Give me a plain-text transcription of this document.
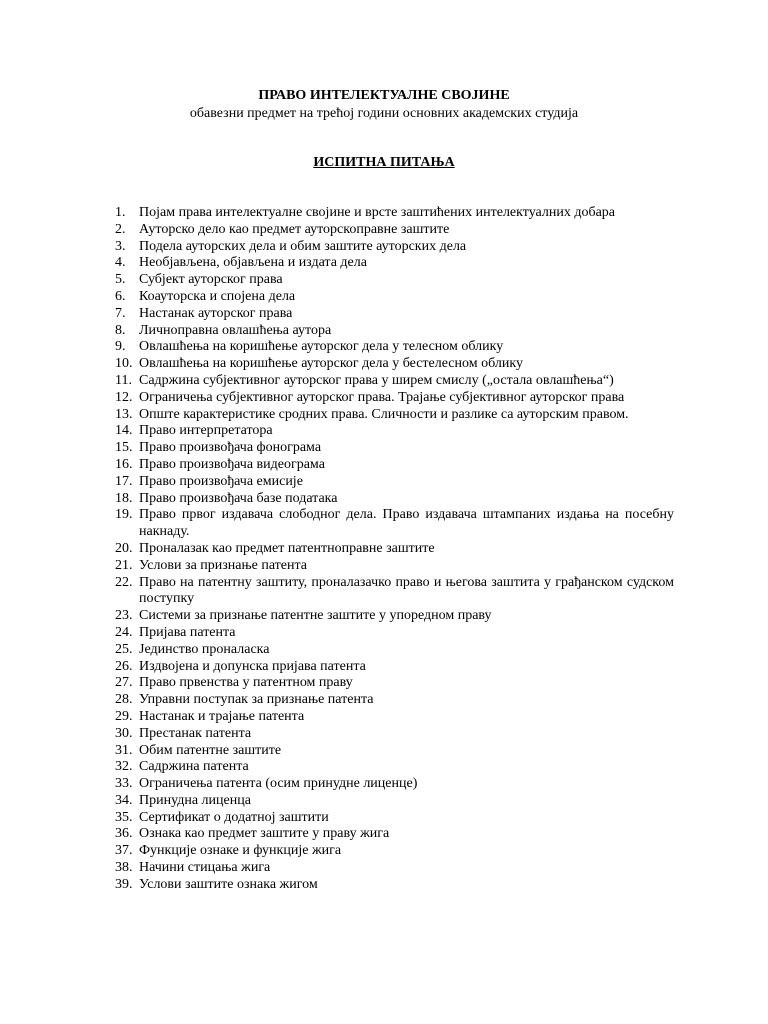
ПРАВО ИНТЕЛЕКТУАЛНЕ СВОЈИНЕ
обавезни предмет на трећој години основних академских студија
ИСПИТНА ПИТАЊА
1. Појам права интелектуалне својине и врсте заштићених интелектуалних добара
2. Ауторско дело као предмет ауторскоправне заштите
3. Подела ауторских дела и обим заштите ауторских дела
4. Необјављена, објављена и издата дела
5. Субјект ауторског права
6. Коауторска и спојена дела
7. Настанак ауторског права
8. Личноправна овлашћења аутора
9. Овлашћења на коришћење ауторског дела у телесном облику
10. Овлашћења на коришћење ауторског дела у бестелесном облику
11. Садржина субјективног ауторског права у ширем смислу („остала овлашћења“)
12. Ограничења субјективног ауторског права. Трајање субјективног ауторског права
13. Опште карактеристике сродних права. Сличности и разлике са ауторским правом.
14. Право интерпретатора
15. Право произвођача фонограма
16. Право произвођача видеограма
17. Право произвођача емисије
18. Право произвођача базе података
19. Право првог издавача слободног дела. Право издавача штампаних издања на посебну накнаду.
20. Проналазак као предмет патентноправне заштите
21. Услови за признање патента
22. Право на патентну заштиту, проналазачко право и његова заштита у грађанском судском поступку
23. Системи за признање патентне заштите у упоредном праву
24. Пријава патента
25. Јединство проналаска
26. Издвојена и допунска пријава патента
27. Право првенства у патентном праву
28. Управни поступак за признање патента
29. Настанак и трајање патента
30. Престанак патента
31. Обим патентне заштите
32. Садржина патента
33. Ограничења патента (осим принудне лиценце)
34. Принудна лиценца
35. Сертификат о додатној заштити
36. Ознака као предмет заштите у праву жига
37. Функције ознаке и функције жига
38. Начини стицања жига
39. Услови заштите ознака жигом
